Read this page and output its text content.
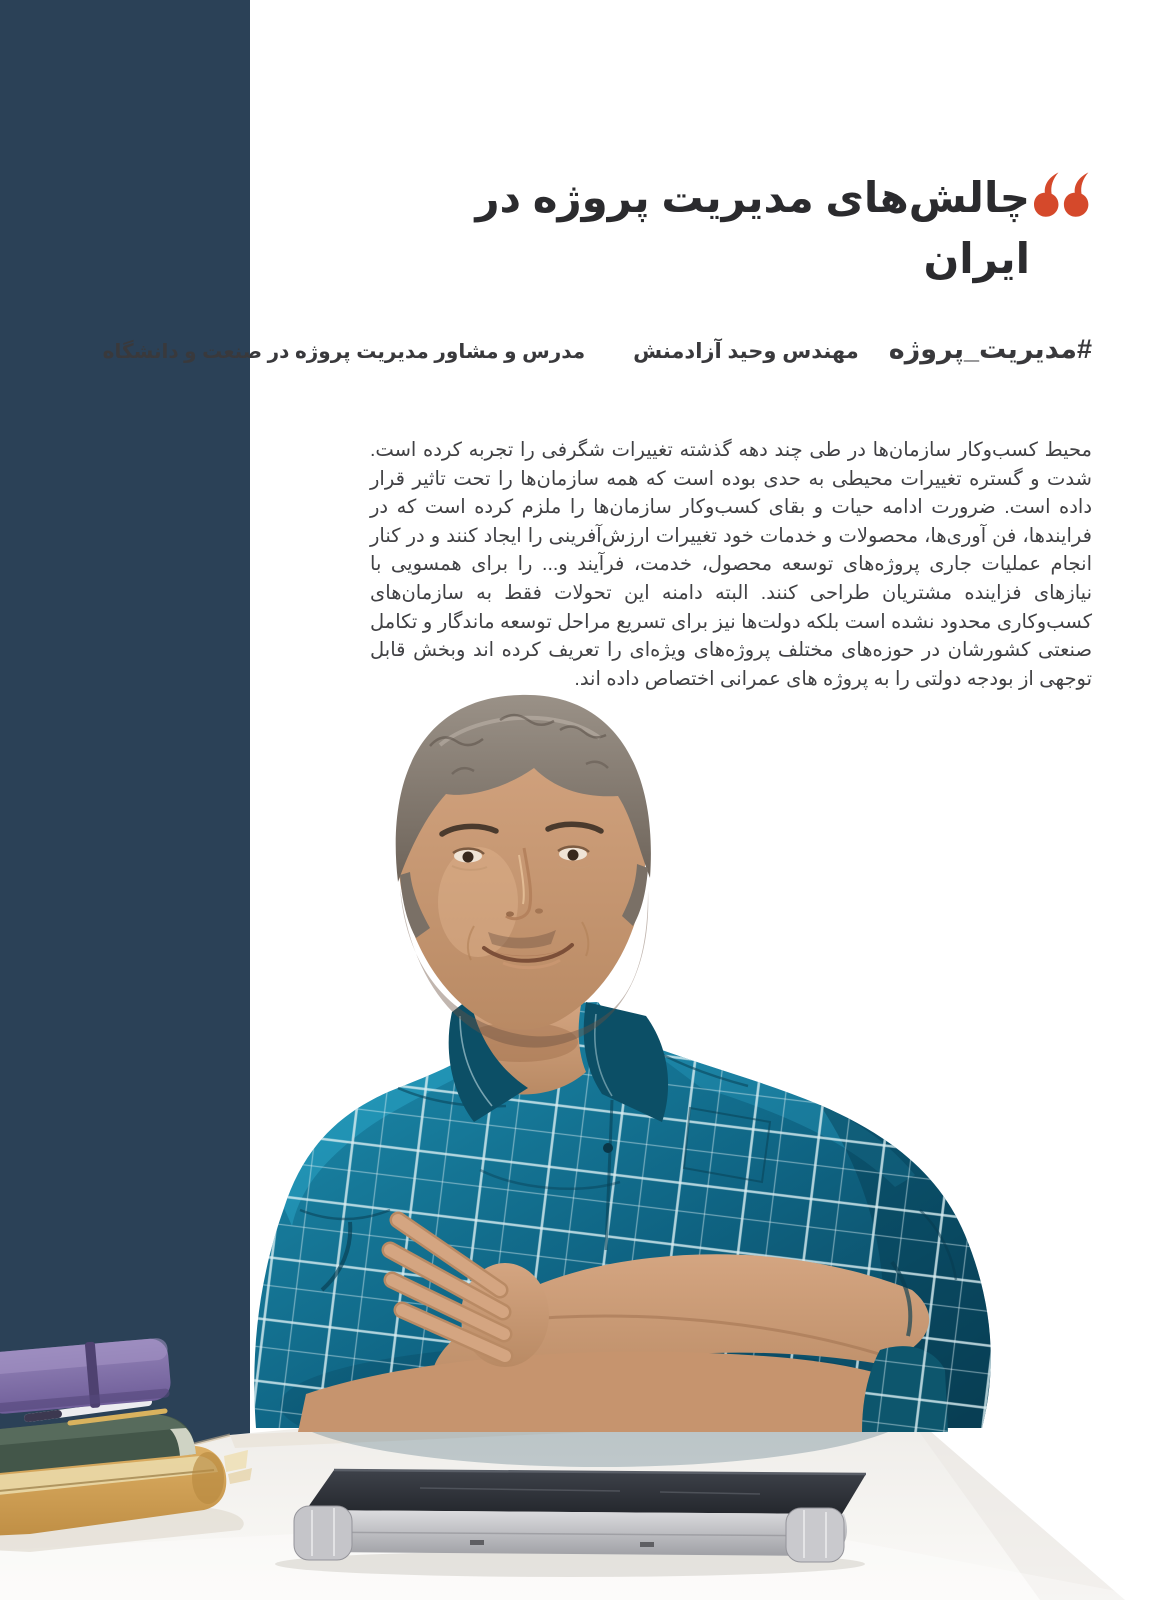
چالش‌های مدیریت پروژه در ایران
#مدیریت_پروژه
مهندس وحید آزادمنش
مدرس و مشاور مدیریت پروژه در صنعت و دانشگاه

محیط کسب‌وکار سازمان‌ها در طی چند دهه گذشته تغییرات شگرفی را تجربه کرده است. شدت و گستره تغییرات محیطی به حدی بوده است که همه سازمان‌ها را تحت تاثیر قرار داده است. ضرورت ادامه حیات و بقای کسب‌وکار سازمان‌ها را ملزم کرده است که در فرایندها، فن آوری‌ها، محصولات و خدمات خود تغییرات ارزش‌آفرینی را ایجاد کنند و در کنار انجام عملیات جاری پروژه‌های توسعه محصول، خدمت، فرآیند و... را برای همسویی با نیازهای فزاینده مشتریان طراحی کنند. البته دامنه این تحولات فقط به سازمان‌های کسب‌وکاری محدود نشده است بلکه دولت‌ها نیز برای تسریع مراحل توسعه ماندگار و تکامل صنعتی کشورشان در حوزه‌های مختلف پروژه‌های ویژه‌ای را تعریف کرده اند وبخش قابل توجهی از بودجه دولتی را به پروژه های عمرانی اختصاص داده اند.
